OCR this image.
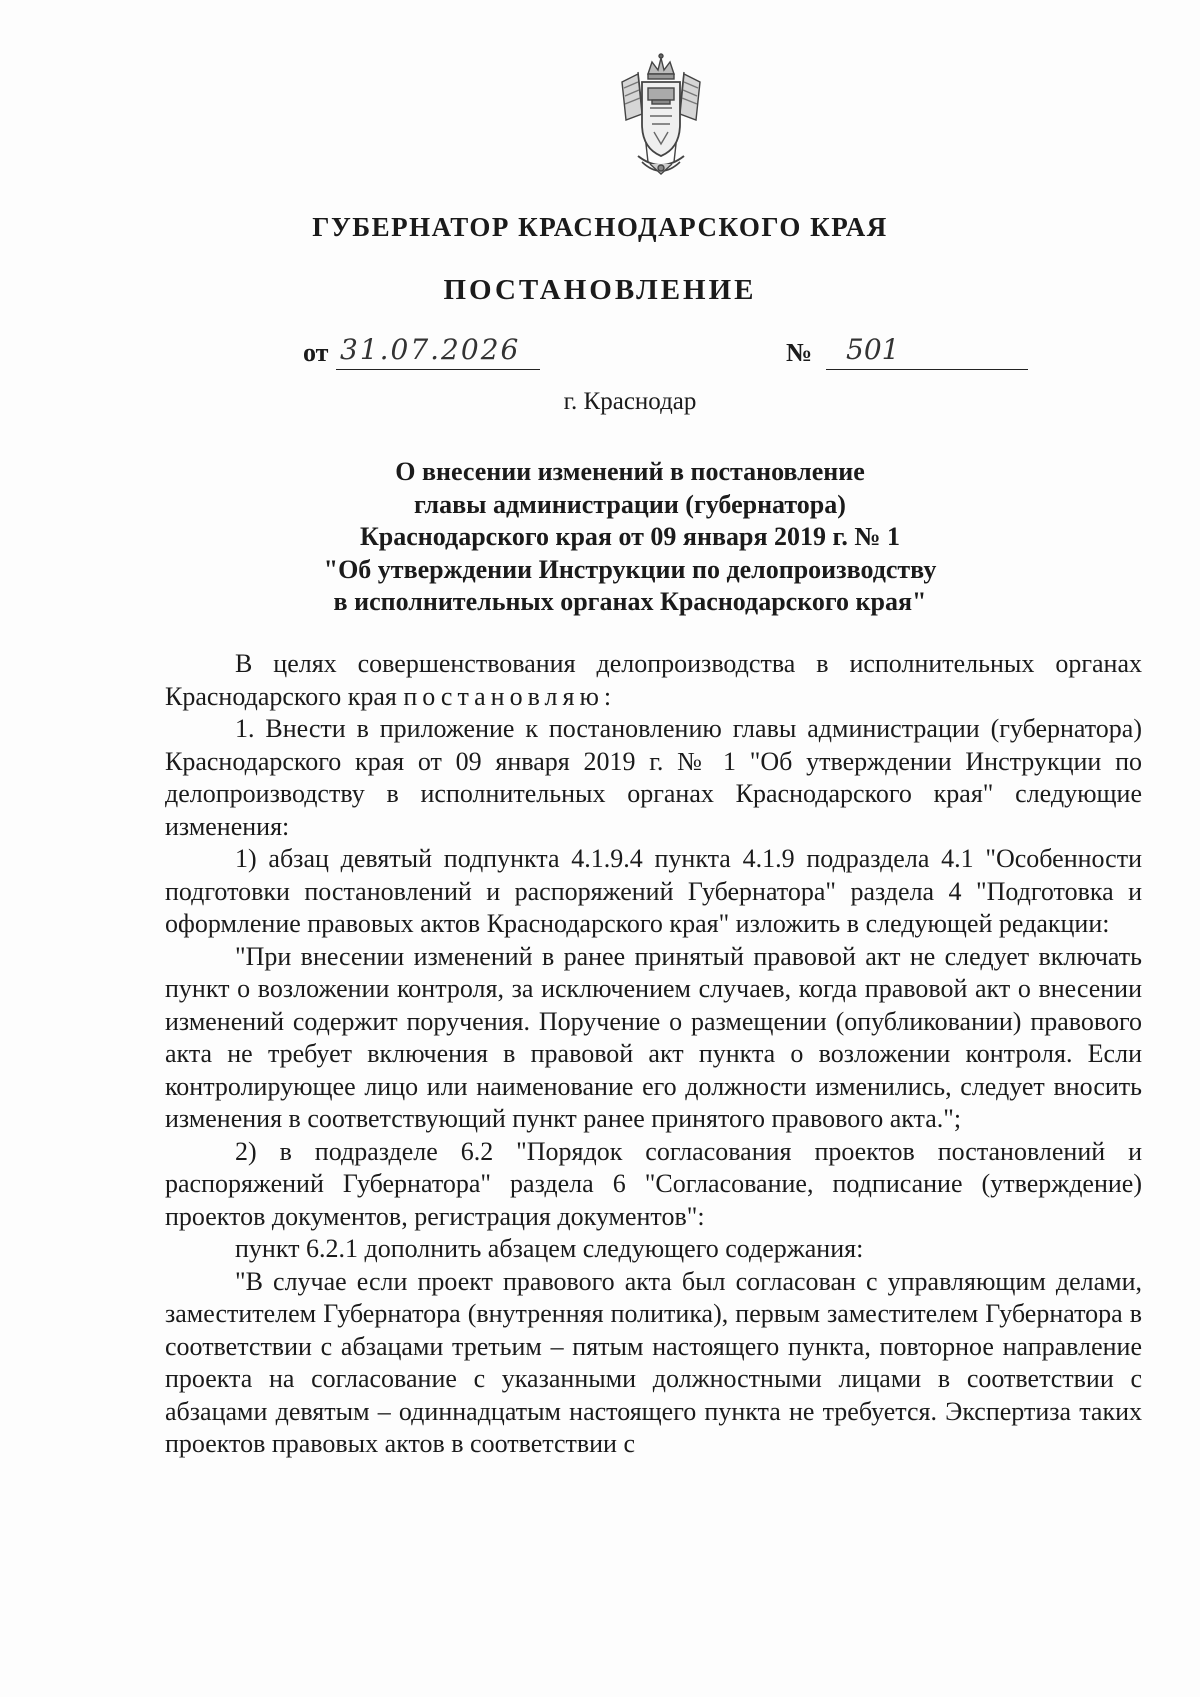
ГУБЕРНАТОР КРАСНОДАРСКОГО КРАЯ
ПОСТАНОВЛЕНИЕ
от 31.07.2026	№	501
г. Краснодар
О внесении изменений в постановление
главы администрации (губернатора)
Краснодарского края от 09 января 2019 г. № 1
"Об утверждении Инструкции по делопроизводству
в исполнительных органах Краснодарского края"

В целях совершенствования делопроизводства в исполнительных органах Краснодарского края постановляю:

1. Внести в приложение к постановлению главы администрации (губернатора) Краснодарского края от 09 января 2019 г. № 1 "Об утверждении Инструкции по делопроизводству в исполнительных органах Краснодарского края" следующие изменения:

1) абзац девятый подпункта 4.1.9.4 пункта 4.1.9 подраздела 4.1 "Особенности подготовки постановлений и распоряжений Губернатора" раздела 4 "Подготовка и оформление правовых актов Краснодарского края" изложить в следующей редакции:

"При внесении изменений в ранее принятый правовой акт не следует включать пункт о возложении контроля, за исключением случаев, когда правовой акт о внесении изменений содержит поручения. Поручение о размещении (опубликовании) правового акта не требует включения в правовой акт пункта о возложении контроля. Если контролирующее лицо или наименование его должности изменились, следует вносить изменения в соответствующий пункт ранее принятого правового акта.";

2) в подразделе 6.2 "Порядок согласования проектов постановлений и распоряжений Губернатора" раздела 6 "Согласование, подписание (утверждение) проектов документов, регистрация документов":

пункт 6.2.1 дополнить абзацем следующего содержания:

"В случае если проект правового акта был согласован с управляющим делами, заместителем Губернатора (внутренняя политика), первым заместителем Губернатора в соответствии с абзацами третьим – пятым настоящего пункта, повторное направление проекта на согласование с указанными должностными лицами в соответствии с абзацами девятым – одиннадцатым настоящего пункта не требуется. Экспертиза таких проектов правовых актов в соответствии с
